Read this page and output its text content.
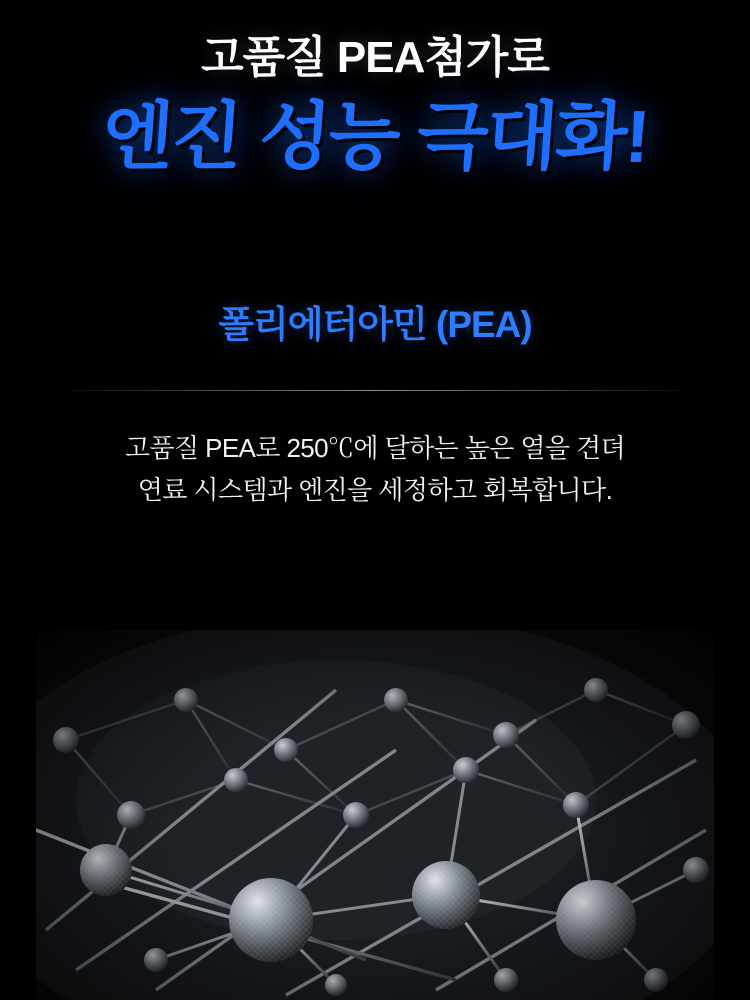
고품질 PEA첨가로
엔진 성능 극대화!
폴리에터아민 (PEA)
고품질 PEA로 250℃에 달하는 높은 열을 견뎌
연료 시스템과 엔진을 세정하고 회복합니다.
